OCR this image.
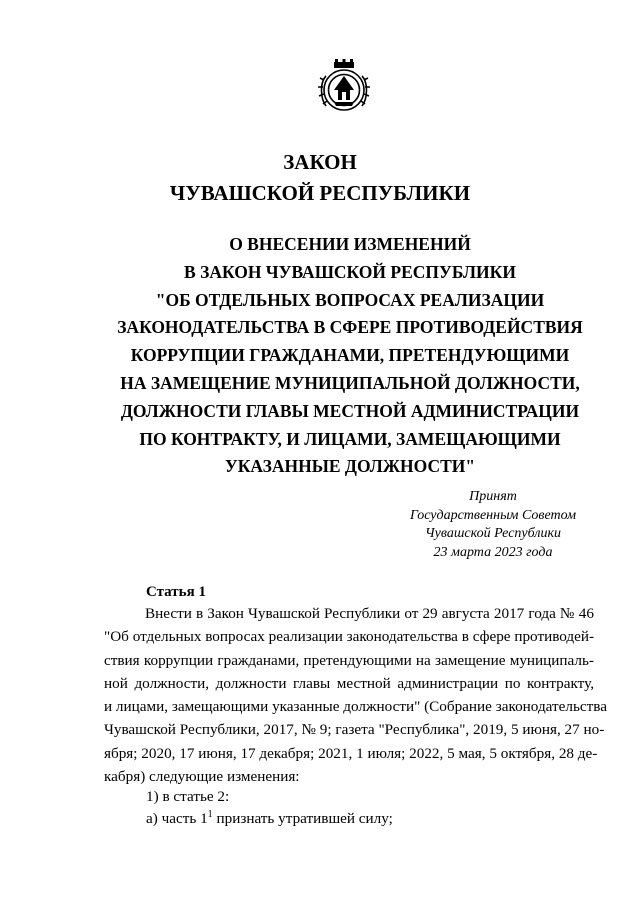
ЗАКОН
ЧУВАШСКОЙ РЕСПУБЛИКИ
О ВНЕСЕНИИ ИЗМЕНЕНИЙ
В ЗАКОН ЧУВАШСКОЙ РЕСПУБЛИКИ
"ОБ ОТДЕЛЬНЫХ ВОПРОСАХ РЕАЛИЗАЦИИ
ЗАКОНОДАТЕЛЬСТВА В СФЕРЕ ПРОТИВОДЕЙСТВИЯ
КОРРУПЦИИ ГРАЖДАНАМИ, ПРЕТЕНДУЮЩИМИ
НА ЗАМЕЩЕНИЕ МУНИЦИПАЛЬНОЙ ДОЛЖНОСТИ,
ДОЛЖНОСТИ ГЛАВЫ МЕСТНОЙ АДМИНИСТРАЦИИ
ПО КОНТРАКТУ, И ЛИЦАМИ, ЗАМЕЩАЮЩИМИ
УКАЗАННЫЕ ДОЛЖНОСТИ"
Принят
Государственным Советом
Чувашской Республики
23 марта 2023 года
Статья 1
Внести в Закон Чувашской Республики от 29 августа 2017 года № 46
"Об отдельных вопросах реализации законодательства в сфере противодей-
ствия коррупции гражданами, претендующими на замещение муниципаль-
ной должности, должности главы местной администрации по контракту,
и лицами, замещающими указанные должности" (Собрание законодательства
Чувашской Республики, 2017, № 9; газета "Республика", 2019, 5 июня, 27 но-
ября; 2020, 17 июня, 17 декабря; 2021, 1 июля; 2022, 5 мая, 5 октября, 28 де-
кабря) следующие изменения:
1) в статье 2:
а) часть $1^1$ признать утратившей силу;
